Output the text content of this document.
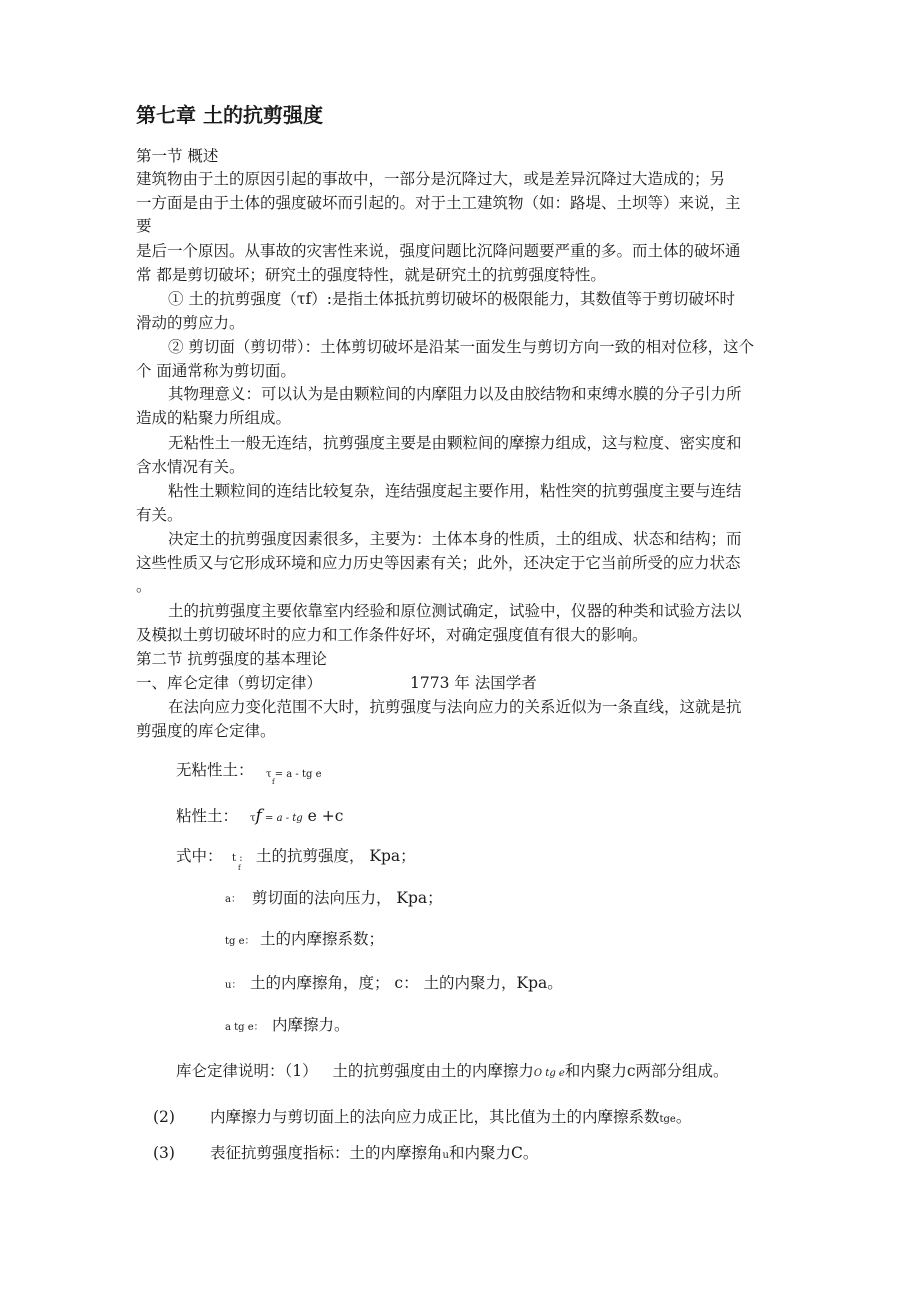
第七章 土的抗剪强度
第一节 概述
建筑物由于土的原因引起的事故中，一部分是沉降过大，或是差异沉降过大造成的；另
一方面是由于土体的强度破坏而引起的。对于土工建筑物（如：路堤、土坝等）来说，主
要
是后一个原因。从事故的灾害性来说，强度问题比沉降问题要严重的多。而土体的破坏通
常 都是剪切破坏；研究土的强度特性，就是研究土的抗剪强度特性。
① 土的抗剪强度（τf）:是指土体抵抗剪切破坏的极限能力，其数值等于剪切破坏时
滑动的剪应力。
② 剪切面（剪切带）：土体剪切破坏是沿某一面发生与剪切方向一致的相对位移，这个
个 面通常称为剪切面。
其物理意义：可以认为是由颗粒间的内摩阻力以及由胶结物和束缚水膜的分子引力所
造成的粘聚力所组成。
无粘性土一般无连结，抗剪强度主要是由颗粒间的摩擦力组成，这与粒度、密实度和
含水情况有关。
粘性土颗粒间的连结比较复杂，连结强度起主要作用，粘性突的抗剪强度主要与连结
有关。
决定土的抗剪强度因素很多，主要为：土体本身的性质，土的组成、状态和结构；而
这些性质又与它形成环境和应力历史等因素有关；此外，还决定于它当前所受的应力状态
。
土的抗剪强度主要依靠室内经验和原位测试确定，试验中，仪器的种类和试验方法以
及模拟土剪切破坏时的应力和工作条件好坏，对确定强度值有很大的影响。
第二节 抗剪强度的基本理论
一、库仑定律（剪切定律）	1773 年 法国学者
在法向应力变化范围不大时，抗剪强度与法向应力的关系近似为一条直线，这就是抗
剪强度的库仑定律。
无粘性土： τ = a - tg e
f
粘性土： τf = a - tg e +c
式中： t :
f
土的抗剪强度， Kpa；
a： 剪切面的法向压力， Kpa；
tg e： 土的内摩擦系数；
u： 土的内摩擦角，度； c： 土的内聚力，Kpa。
a tg e： 内摩擦力。
库仑定律说明：（1） 土的抗剪强度由土的内摩擦力O tg e和内聚力c两部分组成。
(2) 内摩擦力与剪切面上的法向应力成正比，其比值为土的内摩擦系数tge。
(3) 表征抗剪强度指标：土的内摩擦角u和内聚力C。
